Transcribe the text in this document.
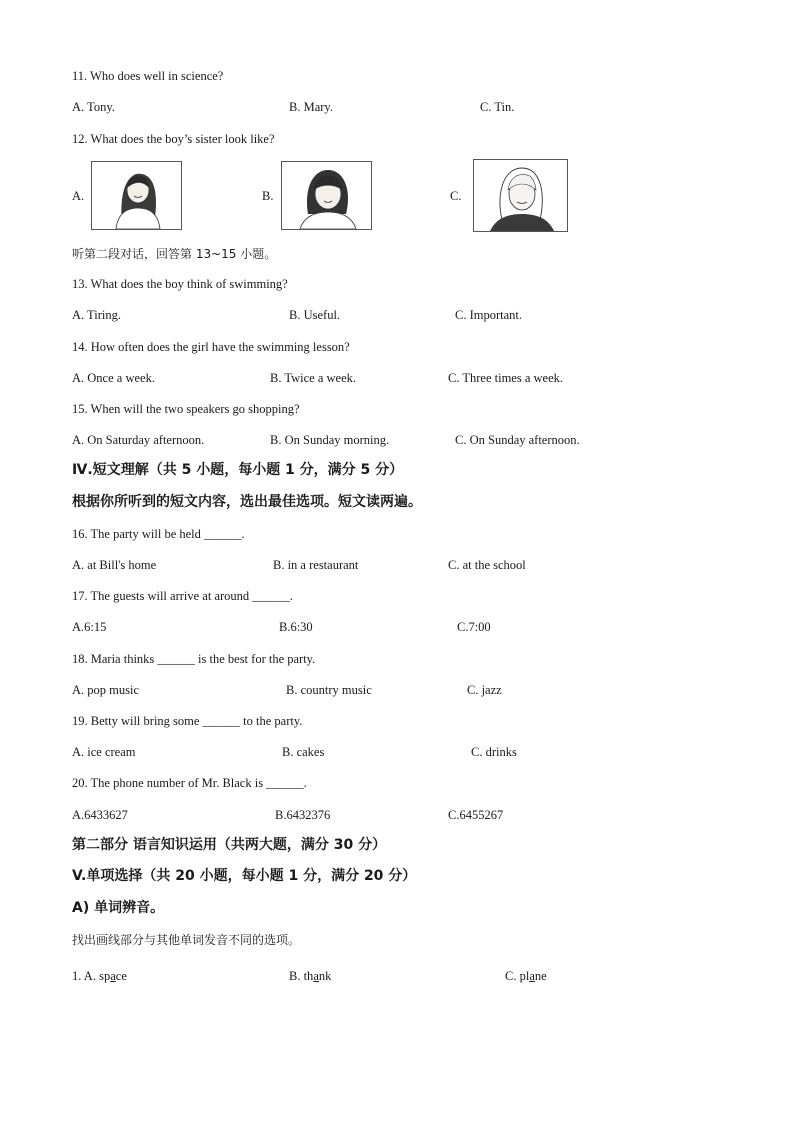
11. Who does well in science?
A. Tony.	B. Mary.	C. Tin.
12. What does the boy’s sister look like?
A.	B.	C.
听第二段对话，回答第 13~15 小题。
13. What does the boy think of swimming?
A. Tiring.	B. Useful.	C. Important.
14. How often does the girl have the swimming lesson?
A. Once a week.	B. Twice a week.	C. Three times a week.
15. When will the two speakers go shopping?
A. On Saturday afternoon.	B. On Sunday morning.	C. On Sunday afternoon.
Ⅳ.短文理解（共 5 小题，每小题 1 分，满分 5 分）
根据你所听到的短文内容，选出最佳选项。短文读两遍。
16. The party will be held ______.
A. at Bill's home	B. in a restaurant	C. at the school
17. The guests will arrive at around ______.
A.6:15	B.6:30	C.7:00
18. Maria thinks ______ is the best for the party.
A. pop music	B. country music	C. jazz
19. Betty will bring some ______ to the party.
A. ice cream	B. cakes	C. drinks
20. The phone number of Mr. Black is ______.
A.6433627	B.6432376	C.6455267
第二部分 语言知识运用（共两大题，满分 30 分）
V.单项选择（共 20 小题，每小题 1 分，满分 20 分）
A) 单词辨音。
找出画线部分与其他单词发音不同的选项。
1. A. space	B. thank	C. plane
